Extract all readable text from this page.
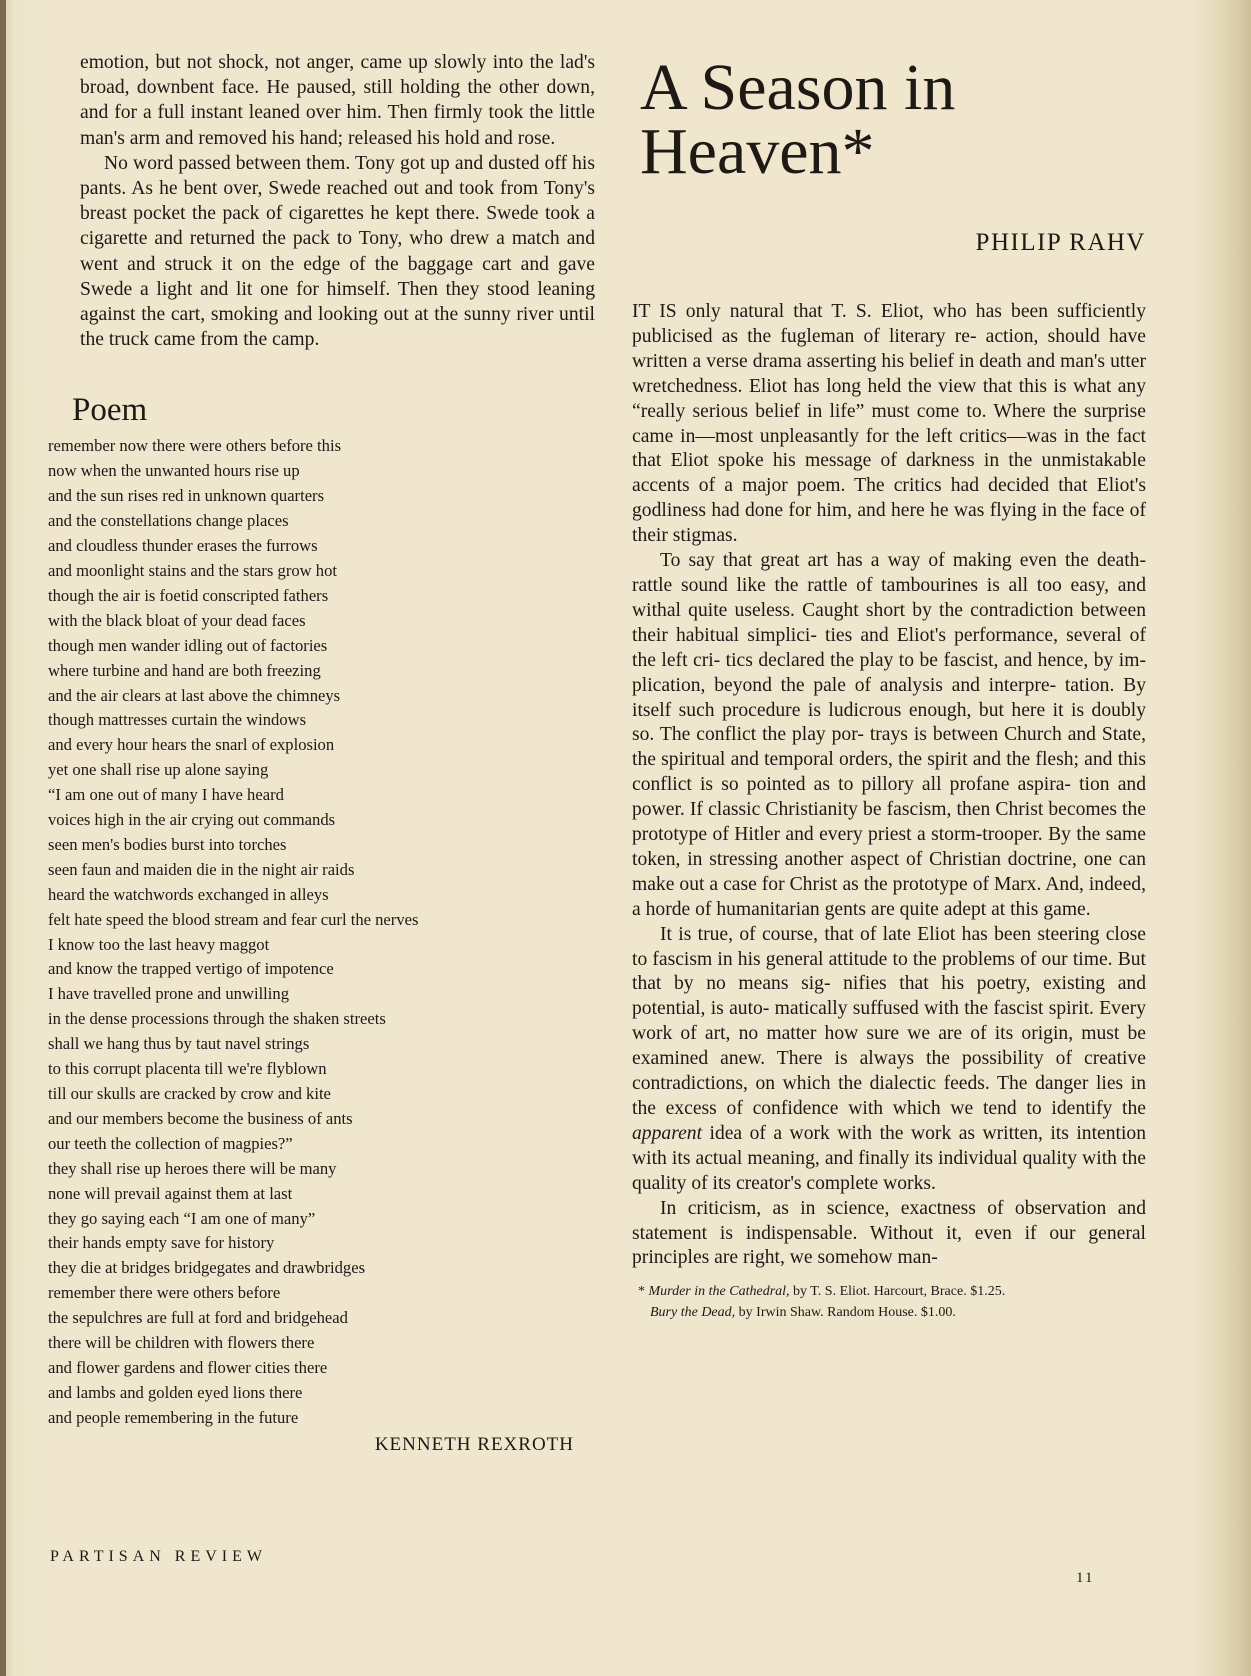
emotion, but not shock, not anger, came up slowly into the lad's broad, downbent face. He paused, still holding the other down, and for a full instant leaned over him. Then firmly took the little man's arm and removed his hand; released his hold and rose.

No word passed between them. Tony got up and dusted off his pants. As he bent over, Swede reached out and took from Tony's breast pocket the pack of cigarettes he kept there. Swede took a cigarette and returned the pack to Tony, who drew a match and went and struck it on the edge of the baggage cart and gave Swede a light and lit one for himself. Then they stood leaning against the cart, smoking and looking out at the sunny river until the truck came from the camp.

Poem
remember now there were others before this
now when the unwanted hours rise up
and the sun rises red in unknown quarters
and the constellations change places
and cloudless thunder erases the furrows
and moonlight stains and the stars grow hot
though the air is foetid conscripted fathers
with the black bloat of your dead faces
though men wander idling out of factories
where turbine and hand are both freezing
and the air clears at last above the chimneys
though mattresses curtain the windows
and every hour hears the snarl of explosion
yet one shall rise up alone saying
“I am one out of many I have heard
voices high in the air crying out commands
seen men's bodies burst into torches
seen faun and maiden die in the night air raids
heard the watchwords exchanged in alleys
felt hate speed the blood stream and fear curl the nerves
I know too the last heavy maggot
and know the trapped vertigo of impotence
I have travelled prone and unwilling
in the dense processions through the shaken streets
shall we hang thus by taut navel strings
to this corrupt placenta till we're flyblown
till our skulls are cracked by crow and kite
and our members become the business of ants
our teeth the collection of magpies?”
they shall rise up heroes there will be many
none will prevail against them at last
they go saying each “I am one of many”
their hands empty save for history
they die at bridges bridgegates and drawbridges
remember there were others before
the sepulchres are full at ford and bridgehead
there will be children with flowers there
and flower gardens and flower cities there
and lambs and golden eyed lions there
and people remembering in the future
KENNETH REXROTH
PARTISAN REVIEW
A Season in
Heaven*
PHILIP RAHV

IT IS only natural that T. S. Eliot, who has been sufficiently publicised as the fugleman of literary re- action, should have written a verse drama asserting his belief in death and man's utter wretchedness. Eliot has long held the view that this is what any “really serious belief in life” must come to. Where the surprise came in—most unpleasantly for the left critics—was in the fact that Eliot spoke his message of darkness in the unmistakable accents of a major poem. The critics had decided that Eliot's godliness had done for him, and here he was flying in the face of their stigmas.

To say that great art has a way of making even the death-rattle sound like the rattle of tambourines is all too easy, and withal quite useless. Caught short by the contradiction between their habitual simplici- ties and Eliot's performance, several of the left cri- tics declared the play to be fascist, and hence, by im- plication, beyond the pale of analysis and interpre- tation. By itself such procedure is ludicrous enough, but here it is doubly so. The conflict the play por- trays is between Church and State, the spiritual and temporal orders, the spirit and the flesh; and this conflict is so pointed as to pillory all profane aspira- tion and power. If classic Christianity be fascism, then Christ becomes the prototype of Hitler and every priest a storm-trooper. By the same token, in stressing another aspect of Christian doctrine, one can make out a case for Christ as the prototype of Marx. And, indeed, a horde of humanitarian gents are quite adept at this game.

It is true, of course, that of late Eliot has been steering close to fascism in his general attitude to the problems of our time. But that by no means sig- nifies that his poetry, existing and potential, is auto- matically suffused with the fascist spirit. Every work of art, no matter how sure we are of its origin, must be examined anew. There is always the possibility of creative contradictions, on which the dialectic feeds. The danger lies in the excess of confidence with which we tend to identify the apparent idea of a work with the work as written, its intention with its actual meaning, and finally its individual quality with the quality of its creator's complete works.

In criticism, as in science, exactness of observation and statement is indispensable. Without it, even if our general principles are right, we somehow man-

* Murder in the Cathedral, by T. S. Eliot. Harcourt, Brace. $1.25.
Bury the Dead, by Irwin Shaw. Random House. $1.00.
11
